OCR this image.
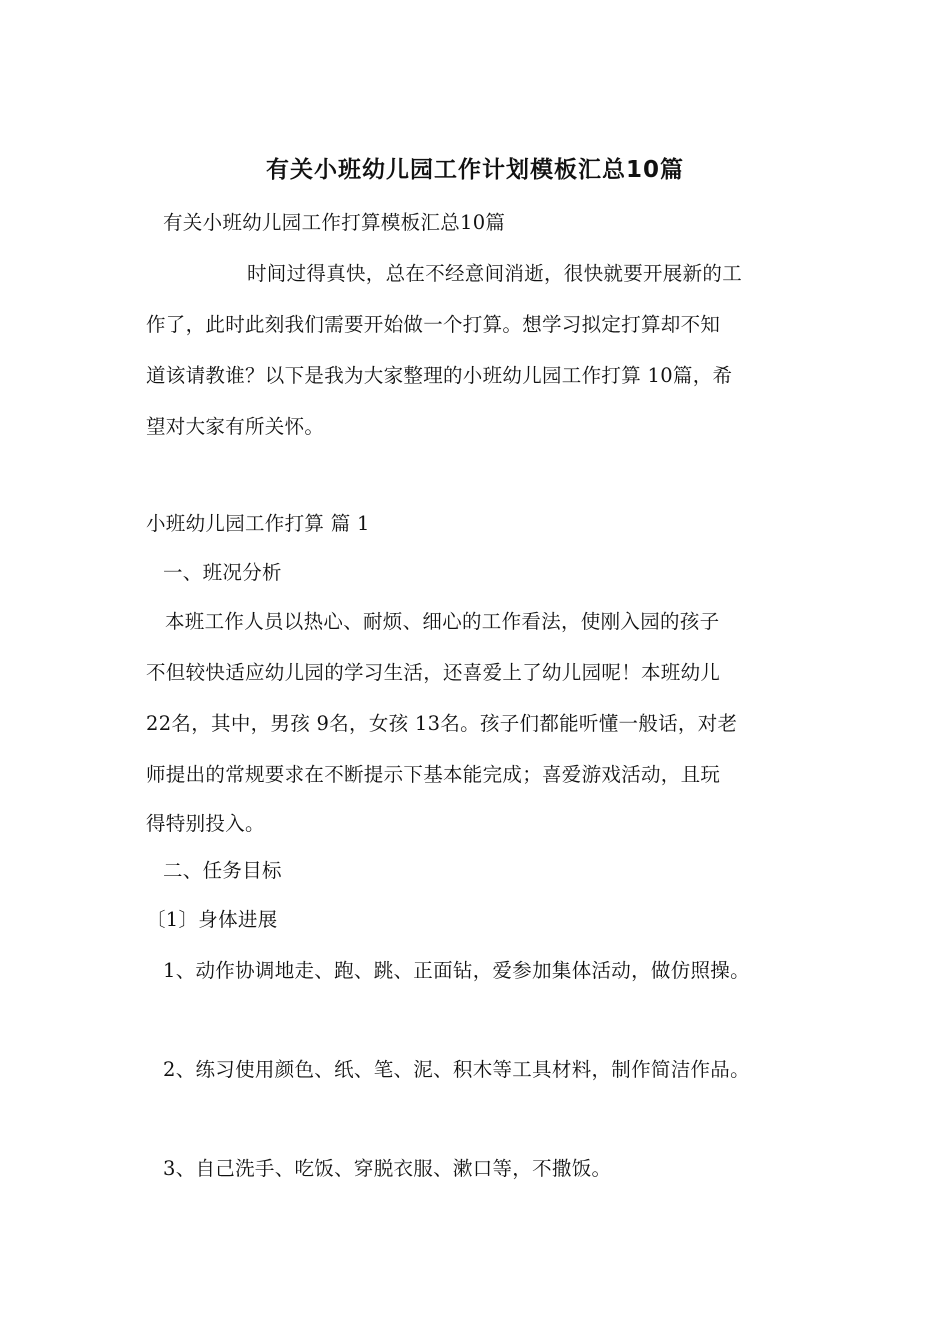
有关小班幼儿园工作计划模板汇总10篇
有关小班幼儿园工作打算模板汇总10篇
时间过得真快，总在不经意间消逝，很快就要开展新的工
作了，此时此刻我们需要开始做一个打算。想学习拟定打算却不知
道该请教谁？以下是我为大家整理的小班幼儿园工作打算 10篇，希
望对大家有所关怀。
小班幼儿园工作打算 篇 1
一、班况分析
本班工作人员以热心、耐烦、细心的工作看法，使刚入园的孩子
不但较快适应幼儿园的学习生活，还喜爱上了幼儿园呢！本班幼儿
22名，其中，男孩 9名，女孩 13名。孩子们都能听懂一般话，对老
师提出的常规要求在不断提示下基本能完成；喜爱游戏活动，且玩
得特别投入。
二、任务目标
〔1〕身体进展
1、动作协调地走、跑、跳、正面钻，爱参加集体活动，做仿照操。
2、练习使用颜色、纸、笔、泥、积木等工具材料，制作简洁作品。
3、自己洗手、吃饭、穿脱衣服、漱口等，不撒饭。
